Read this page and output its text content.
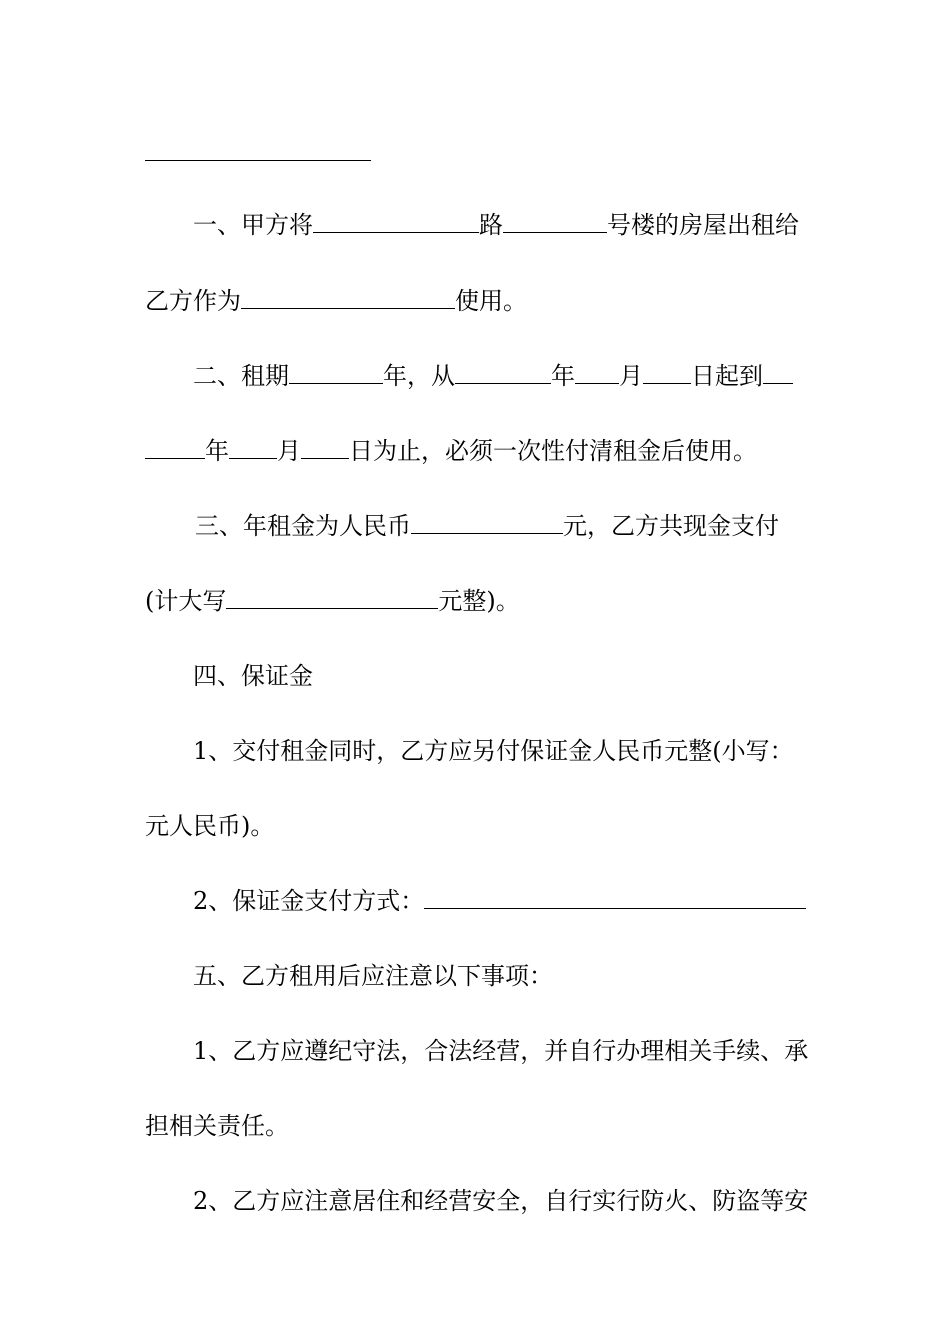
一、甲方将	路	号楼的房屋出租给
乙方作为	使用。
二、租期	年，从	年 月 日起到
年 月 日为止，必须一次性付清租金后使用。
三、年租金为人民币	元，乙方共现金支付
(计大写	元整)。
四、保证金
1、交付租金同时，乙方应另付保证金人民币元整(小写：
元人民币)。
2、保证金支付方式：
五、乙方租用后应注意以下事项：
1、乙方应遵纪守法，合法经营，并自行办理相关手续、承
担相关责任。
2、乙方应注意居住和经营安全，自行实行防火、防盗等安
